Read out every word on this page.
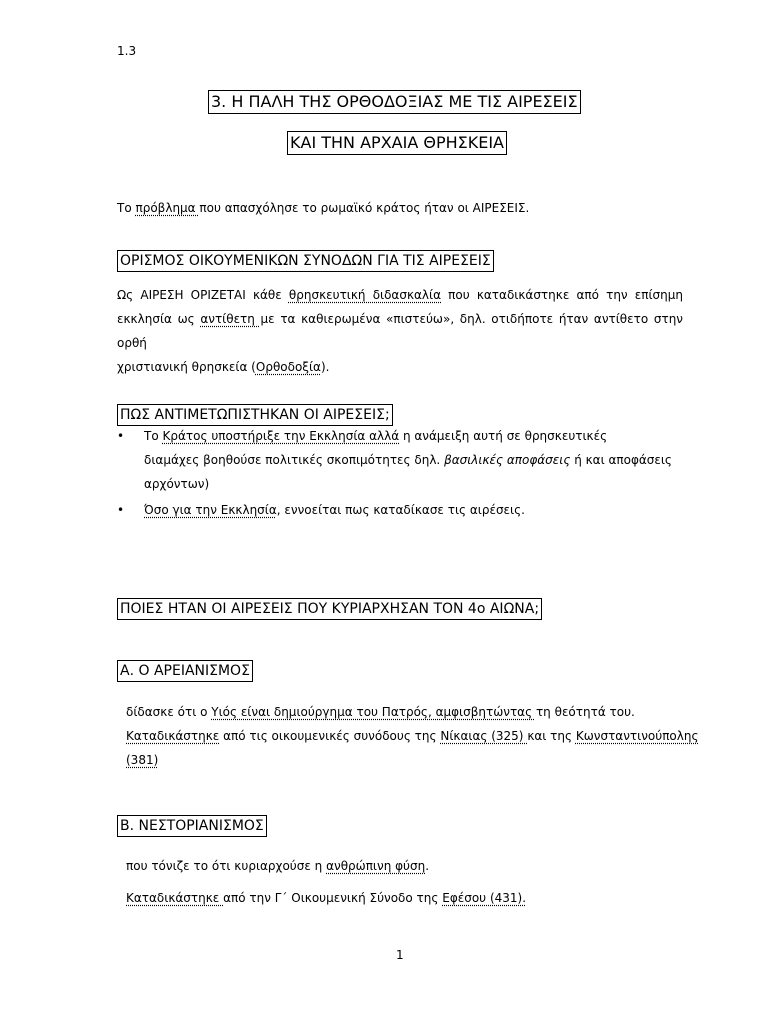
1.3
3. Η ΠΑΛΗ ΤΗΣ ΟΡΘΟΔΟΞΙΑΣ ΜΕ ΤΙΣ ΑΙΡΕΣΕΙΣ
ΚΑΙ ΤΗΝ ΑΡΧΑΙΑ ΘΡΗΣΚΕΙΑ
Το πρόβλημα που απασχόλησε το ρωμαϊκό κράτος ήταν οι ΑΙΡΕΣΕΙΣ.
ΟΡΙΣΜΟΣ ΟΙΚΟΥΜΕΝΙΚΩΝ ΣΥΝΟΔΩΝ ΓΙΑ ΤΙΣ ΑΙΡΕΣΕΙΣ
Ως ΑΙΡΕΣΗ ΟΡΙΖΕΤΑΙ κάθε θρησκευτική διδασκαλία που καταδικάστηκε από την επίσημη
εκκλησία ως αντίθετη με τα καθιερωμένα «πιστεύω», δηλ. οτιδήποτε ήταν αντίθετο στην ορθή
χριστιανική θρησκεία (Ορθοδοξία).
ΠΩΣ ΑΝΤΙΜΕΤΩΠΙΣΤΗΚΑΝ ΟΙ ΑΙΡΕΣΕΙΣ;
• Το Κράτος υποστήριξε την Εκκλησία αλλά η ανάμειξη αυτή σε θρησκευτικές
διαμάχες βοηθούσε πολιτικές σκοπιμότητες δηλ. βασιλικές αποφάσεις ή και αποφάσεις
αρχόντων)
• Όσο για την Εκκλησία, εννοείται πως καταδίκασε τις αιρέσεις.
ΠΟΙΕΣ ΗΤΑΝ ΟΙ ΑΙΡΕΣΕΙΣ ΠΟΥ ΚΥΡΙΑΡΧΗΣΑΝ ΤΟΝ 4ο ΑΙΩΝΑ;
Α. Ο ΑΡΕΙΑΝΙΣΜΟΣ
δίδασκε ότι ο Υιός είναι δημιούργημα του Πατρός, αμφισβητώντας τη θεότητά του.
Καταδικάστηκε από τις οικουμενικές συνόδους της Νίκαιας (325) και της Κωνσταντινούπολης
(381)
Β. ΝΕΣΤΟΡΙΑΝΙΣΜΟΣ
που τόνιζε το ότι κυριαρχούσε η ανθρώπινη φύση.
Καταδικάστηκε από την Γ΄ Οικουμενική Σύνοδο της Εφέσου (431).
1
